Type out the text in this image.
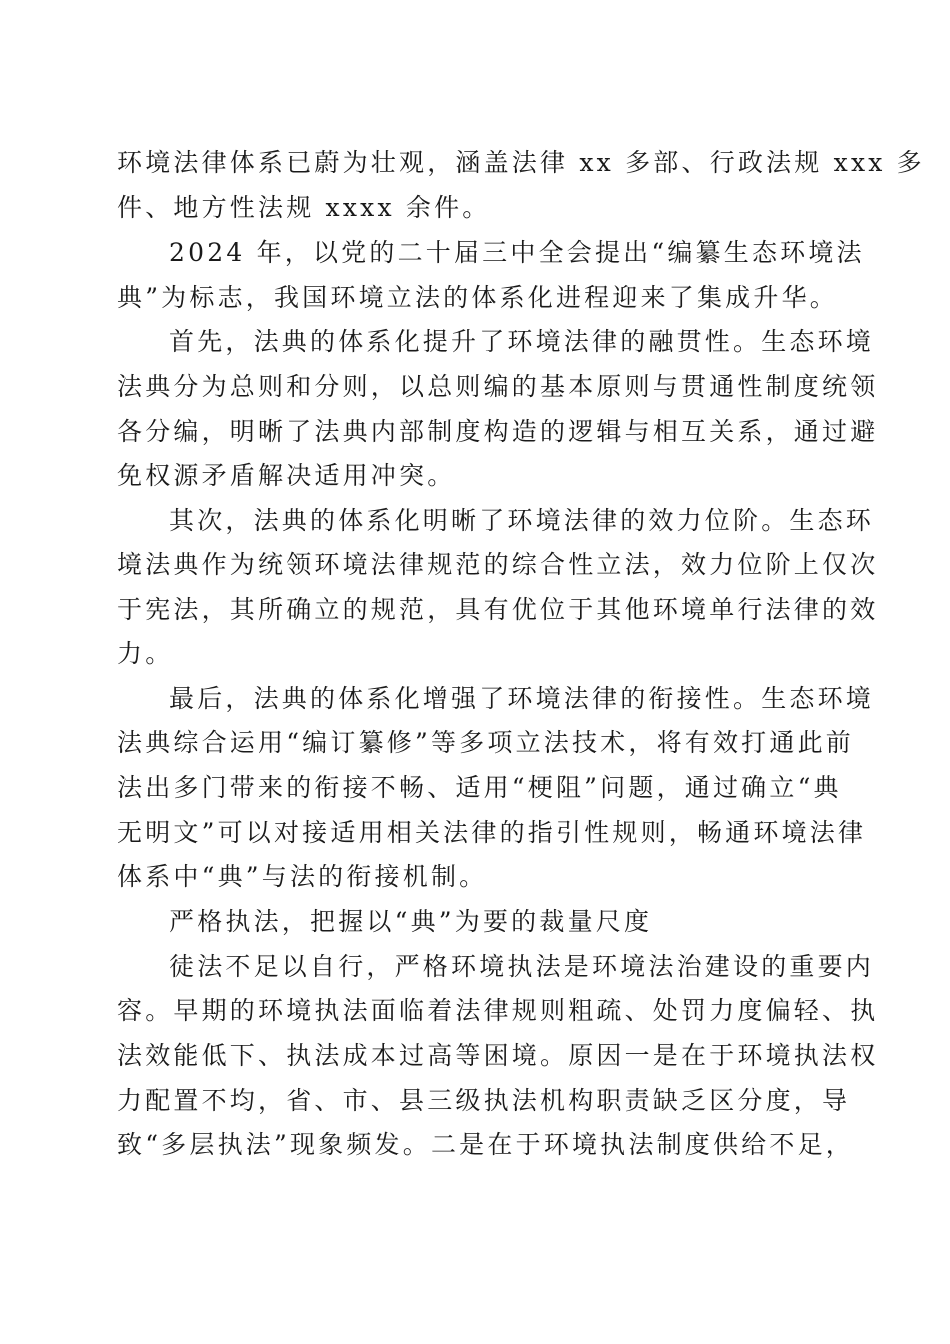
环境法律体系已蔚为壮观，涵盖法律 xx 多部、行政法规 xxx 多

件、地方性法规 xxxx 余件。

2024 年，以党的二十届三中全会提出“编纂生态环境法

典”为标志，我国环境立法的体系化进程迎来了集成升华。

首先，法典的体系化提升了环境法律的融贯性。生态环境

法典分为总则和分则，以总则编的基本原则与贯通性制度统领

各分编，明晰了法典内部制度构造的逻辑与相互关系，通过避

免权源矛盾解决适用冲突。

其次，法典的体系化明晰了环境法律的效力位阶。生态环

境法典作为统领环境法律规范的综合性立法，效力位阶上仅次

于宪法，其所确立的规范，具有优位于其他环境单行法律的效

力。

最后，法典的体系化增强了环境法律的衔接性。生态环境

法典综合运用“编订纂修”等多项立法技术，将有效打通此前

法出多门带来的衔接不畅、适用“梗阻”问题，通过确立“典

无明文”可以对接适用相关法律的指引性规则，畅通环境法律

体系中“典”与法的衔接机制。

严格执法，把握以“典”为要的裁量尺度

徒法不足以自行，严格环境执法是环境法治建设的重要内

容。早期的环境执法面临着法律规则粗疏、处罚力度偏轻、执

法效能低下、执法成本过高等困境。原因一是在于环境执法权

力配置不均，省、市、县三级执法机构职责缺乏区分度，导

致“多层执法”现象频发。二是在于环境执法制度供给不足，
